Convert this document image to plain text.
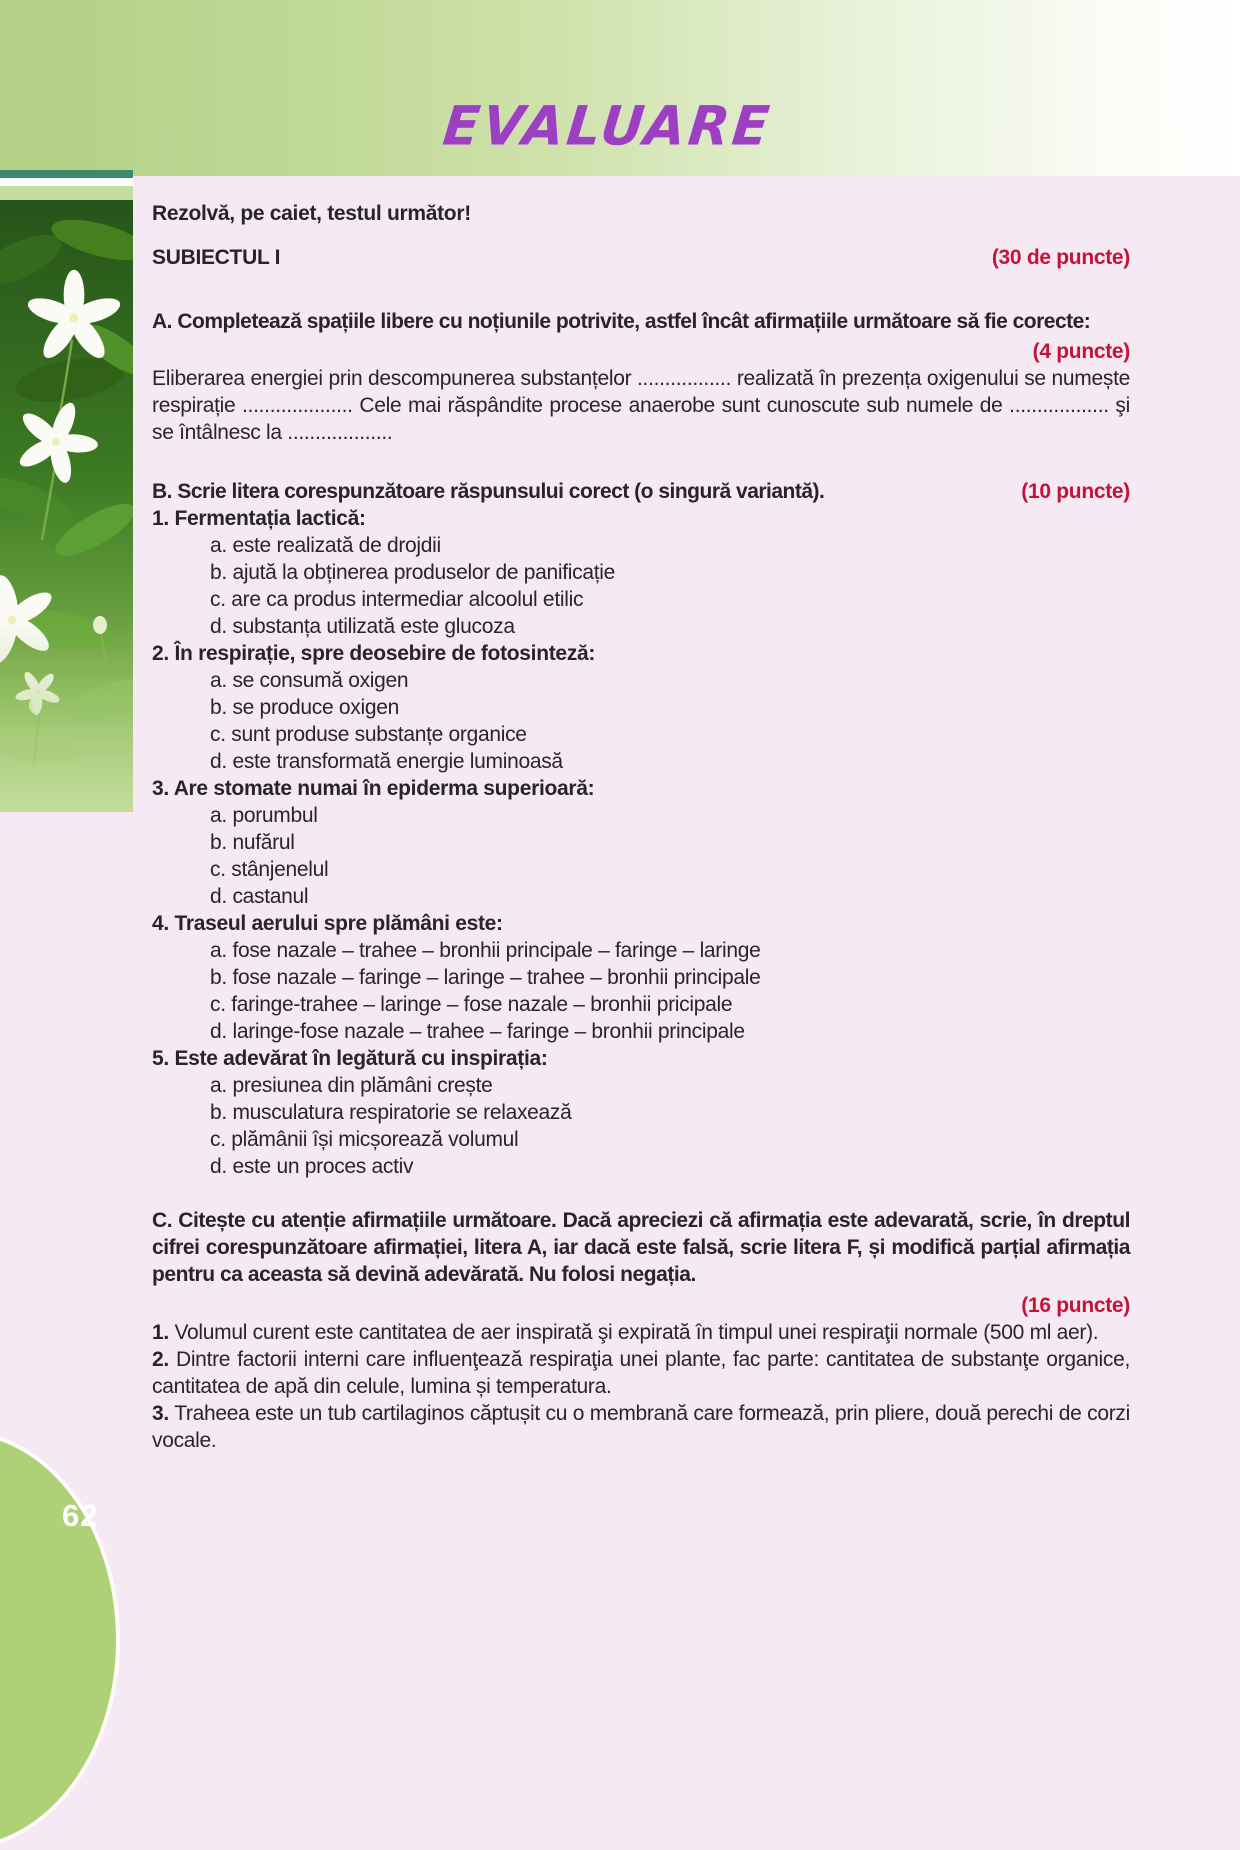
EVALUARE

Rezolvă, pe caiet, testul următor!

SUBIECTUL I	(30 de puncte)

A. Completează spațiile libere cu noțiunile potrivite, astfel încât afirmațiile următoare să fie corecte:

(4 puncte)

Eliberarea energiei prin descompunerea substanțelor ................. realizată în prezența oxigenului se numește respirație .................... Cele mai răspândite procese anaerobe sunt cunoscute sub numele de .................. şi se întâlnesc la ...................

B. Scrie litera corespunzătoare răspunsului corect (o singură variantă).	(10 puncte)

1. Fermentația lactică:

a. este realizată de drojdii
b. ajută la obținerea produselor de panificație
c. are ca produs intermediar alcoolul etilic
d. substanța utilizată este glucoza

2. În respirație, spre deosebire de fotosinteză:

a. se consumă oxigen
b. se produce oxigen
c. sunt produse substanțe organice
d. este transformată energie luminoasă

3. Are stomate numai în epiderma superioară:

a. porumbul
b. nufărul
c. stânjenelul
d. castanul

4. Traseul aerului spre plămâni este:

a. fose nazale – trahee – bronhii principale – faringe – laringe
b. fose nazale – faringe – laringe – trahee – bronhii principale
c. faringe-trahee – laringe – fose nazale – bronhii pricipale
d. laringe-fose nazale – trahee – faringe – bronhii principale

5. Este adevărat în legătură cu inspirația:

a. presiunea din plămâni crește
b. musculatura respiratorie se relaxează
c. plămânii își micșorează volumul
d. este un proces activ

C. Citește cu atenție afirmațiile următoare. Dacă apreciezi că afirmația este adevarată, scrie, în dreptul cifrei corespunzătoare afirmației, litera A, iar dacă este falsă, scrie litera F, și modifică parțial afirmația pentru ca aceasta să devină adevărată. Nu folosi negația.

(16 puncte)

1. Volumul curent este cantitatea de aer inspirată şi expirată în timpul unei respiraţii normale (500 ml aer).

2. Dintre factorii interni care influenţează respiraţia unei plante, fac parte: cantitatea de substanţe organice, cantitatea de apă din celule, lumina și temperatura.

3. Traheea este un tub cartilaginos căptușit cu o membrană care formează, prin pliere, două perechi de corzi vocale.

62
